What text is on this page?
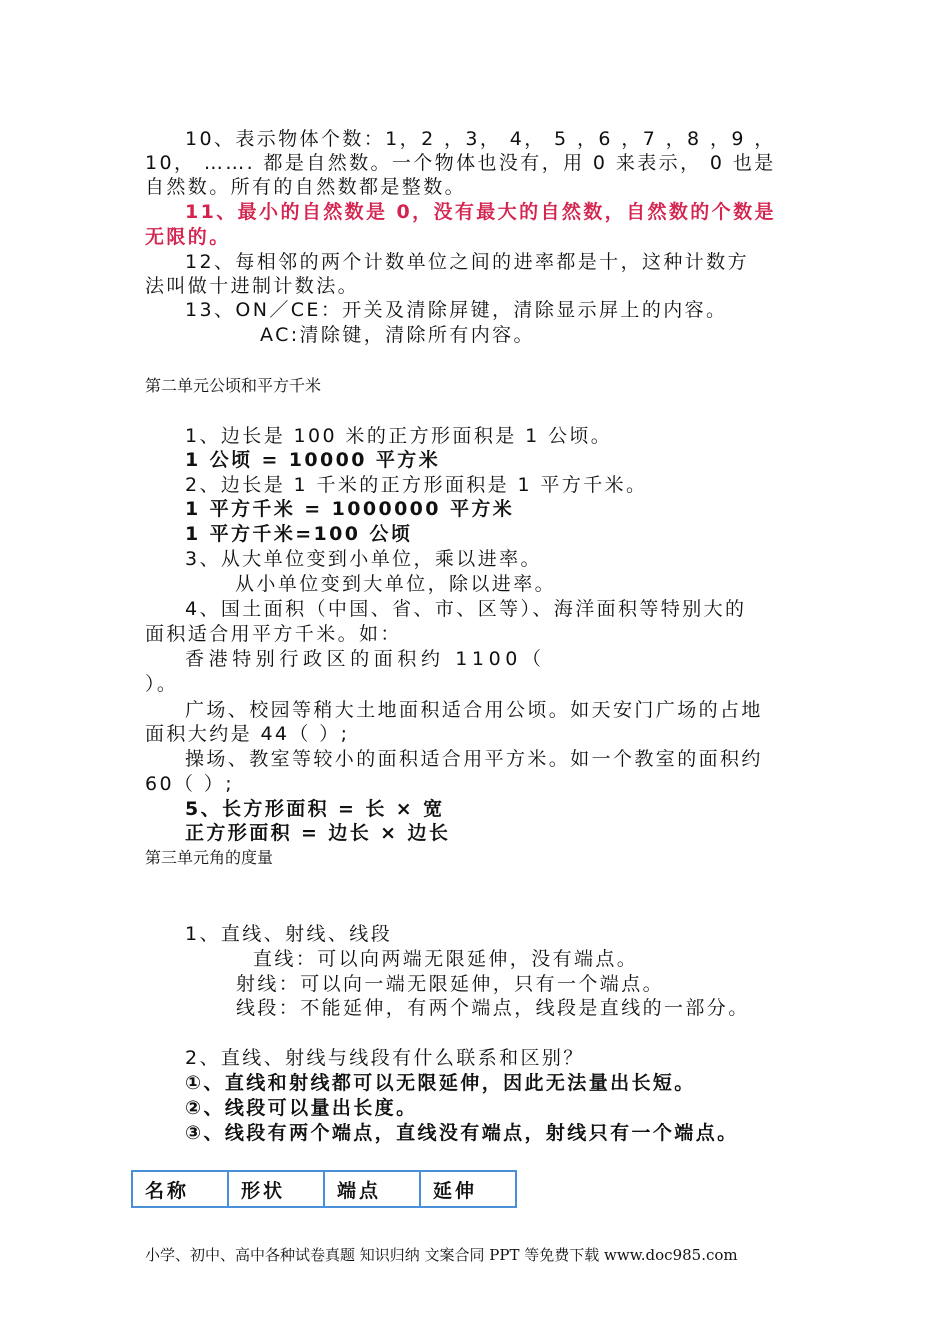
10、表示物体个数：1，2 ，3， 4， 5 ，6 ，7 ，8 ，9 ，
10， ……. 都是自然数。一个物体也没有，用 0 来表示， 0 也是
自然数。所有的自然数都是整数。
11、最小的自然数是 0，没有最大的自然数，自然数的个数是
无限的。
12、每相邻的两个计数单位之间的进率都是十，这种计数方
法叫做十进制计数法。
13、ON／CE：开关及清除屏键，清除显示屏上的内容。
AC:清除键，清除所有内容。
第二单元公顷和平方千米
1、边长是 100 米的正方形面积是 1 公顷。
1 公顷 = 10000 平方米
2、边长是 1 千米的正方形面积是 1 平方千米。
1 平方千米 = 1000000 平方米
1 平方千米=100 公顷
3、从大单位变到小单位，乘以进率。
从小单位变到大单位，除以进率。
4、国土面积（中国、省、市、区等）、海洋面积等特别大的
面积适合用平方千米。如：
香港特别行政区的面积约 1100（
）。
广场、校园等稍大土地面积适合用公顷。如天安门广场的占地
面积大约是 44（ ）;
操场、教室等较小的面积适合用平方米。如一个教室的面积约
60（ ）;
5、长方形面积 = 长 × 宽
正方形面积 = 边长 × 边长
第三单元角的度量
1、直线、射线、线段
直线：可以向两端无限延伸，没有端点。
射线：可以向一端无限延伸，只有一个端点。
线段：不能延伸，有两个端点，线段是直线的一部分。
2、直线、射线与线段有什么联系和区别？
①、直线和射线都可以无限延伸，因此无法量出长短。
②、线段可以量出长度。
③、线段有两个端点，直线没有端点，射线只有一个端点。
名称	形状	端点	延伸
小学、初中、高中各种试卷真题 知识归纳 文案合同 PPT 等免费下载 www.doc985.com
